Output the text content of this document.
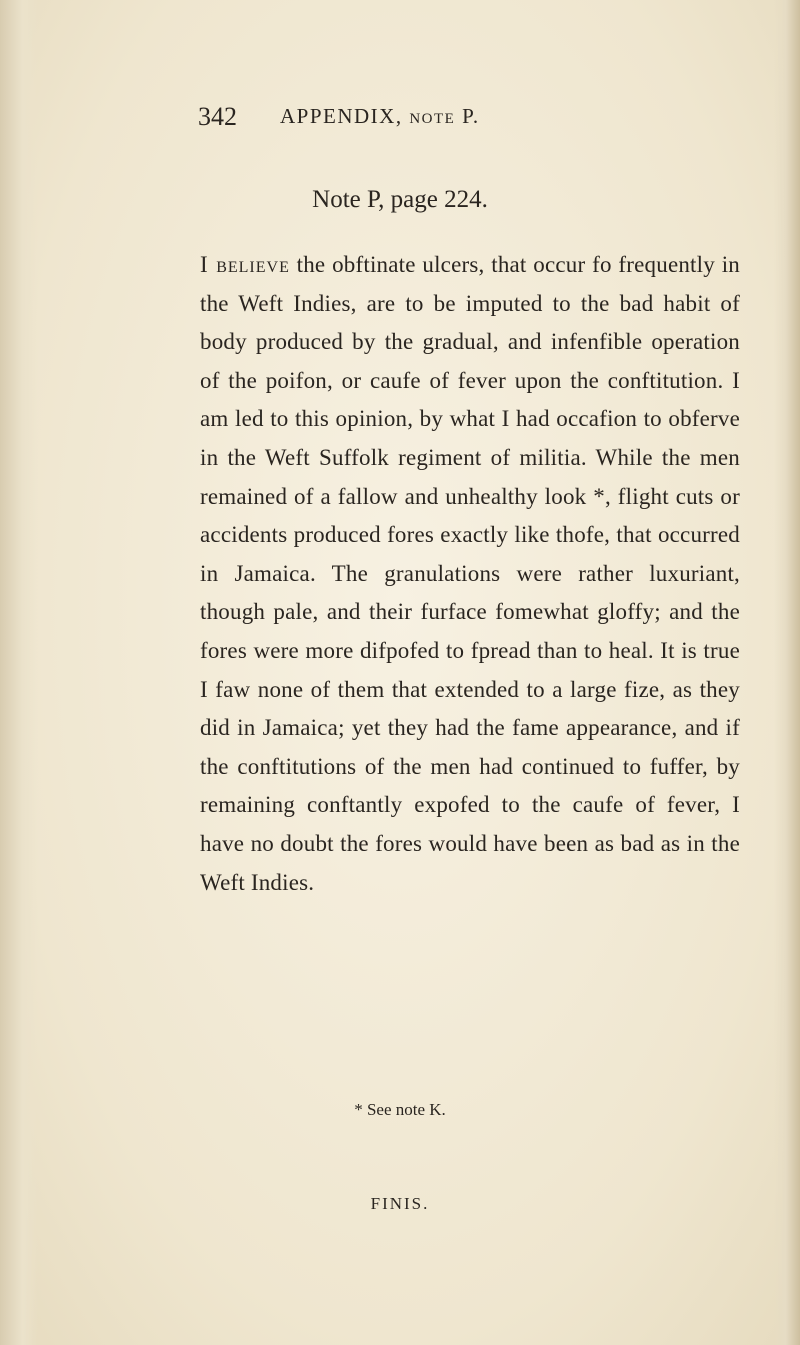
342 APPENDIX, note P.
Note P, page 224.

I believe the obftinate ulcers, that occur fo frequently in the Weft Indies, are to be imputed to the bad habit of body produced by the gradual, and infenfible operation of the poifon, or caufe of fever upon the conftitution. I am led to this opinion, by what I had occafion to obferve in the Weft Suffolk regiment of militia. While the men remained of a fallow and unhealthy look *, flight cuts or accidents produced fores exactly like thofe, that occurred in Jamaica. The granulations were rather luxuriant, though pale, and their furface fomewhat gloffy; and the fores were more difpofed to fpread than to heal. It is true I faw none of them that extended to a large fize, as they did in Jamaica; yet they had the fame appearance, and if the conftitutions of the men had continued to fuffer, by remaining conftantly expofed to the caufe of fever, I have no doubt the fores would have been as bad as in the Weft Indies.

* See note K.
FINIS.
